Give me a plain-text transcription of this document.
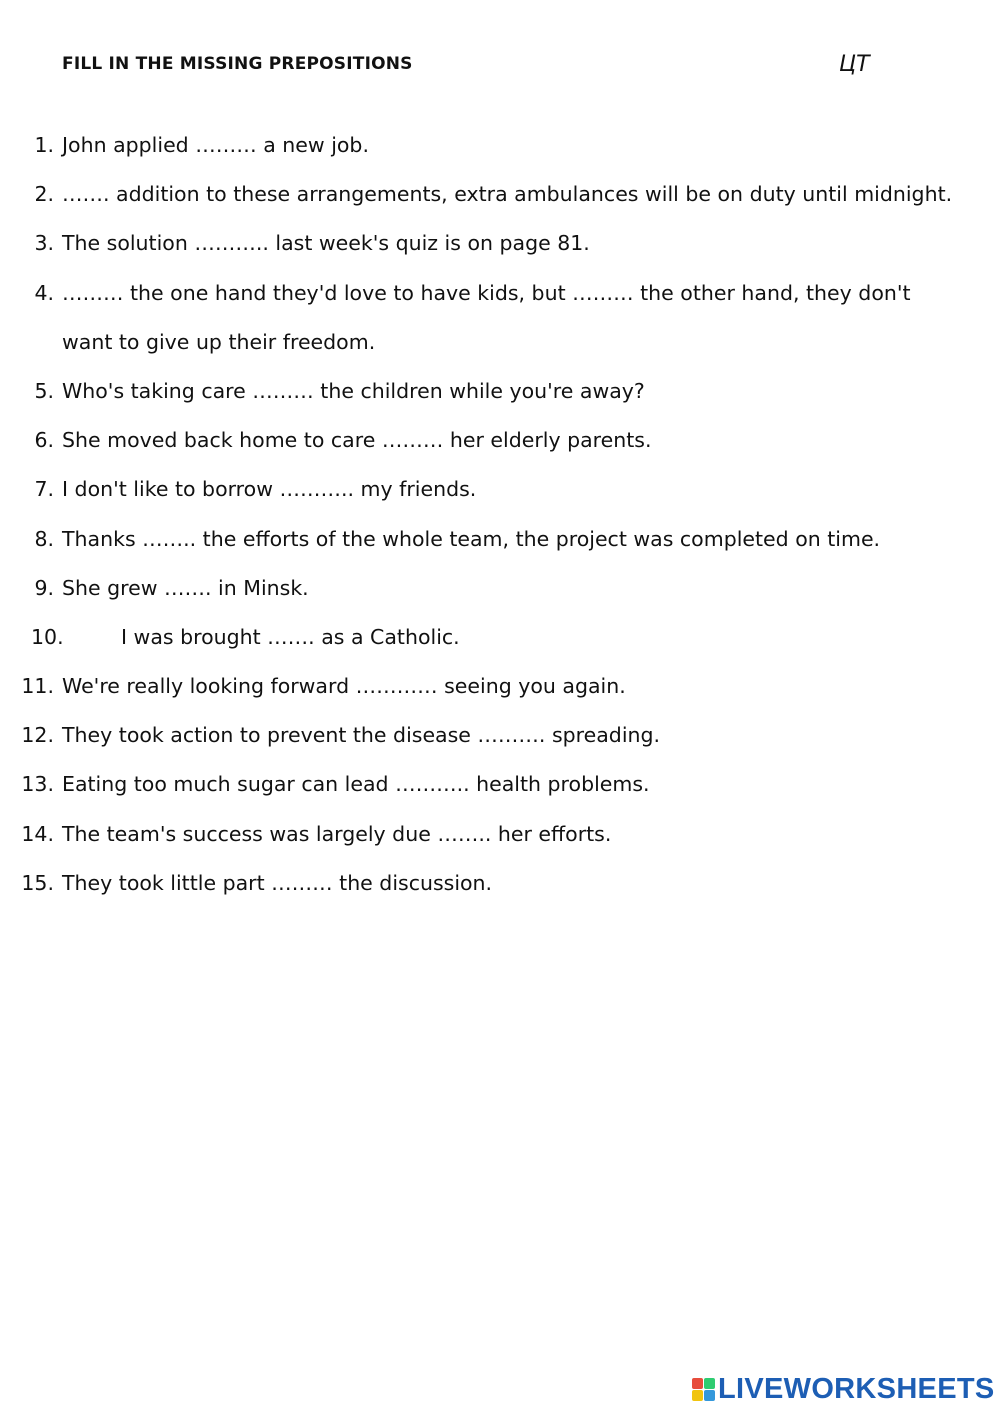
FILL IN THE MISSING PREPOSITIONS	ЦТ
1. John applied ……… a new job.
2. ……. addition to these arrangements, extra ambulances will be on duty until midnight.
3. The solution ……….. last week's quiz is on page 81.
4. ……… the one hand they'd love to have kids, but ……… the other hand, they don't
want to give up their freedom.
5. Who's taking care ……… the children while you're away?
6. She moved back home to care ……… her elderly parents.
7. I don't like to borrow ……….. my friends.
8. Thanks …….. the efforts of the whole team, the project was completed on time.
9. She grew ……. in Minsk.
10.	I was brought ……. as a Catholic.
11. We're really looking forward ………… seeing you again.
12. They took action to prevent the disease ………. spreading.
13. Eating too much sugar can lead ……….. health problems.
14. The team's success was largely due …….. her efforts.
15. They took little part ……… the discussion.
LIVEWORKSHEETS
